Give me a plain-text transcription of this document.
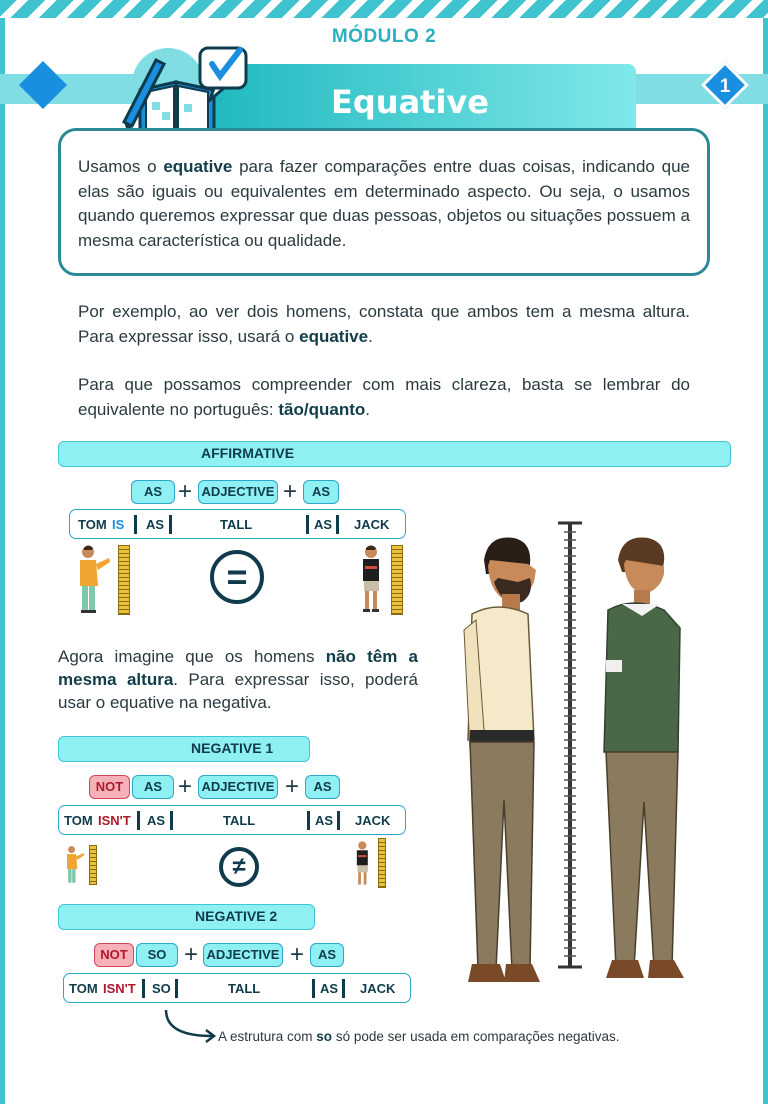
MÓDULO 2
1
Equative

Usamos o equative para fazer comparações entre duas coisas, indicando que elas são iguais ou equivalentes em determinado aspecto. Ou seja, o usamos quando queremos expressar que duas pessoas, objetos ou situações possuem a mesma característica ou qualidade.

Por exemplo, ao ver dois homens, constata que ambos tem a mesma altura. Para expressar isso, usará o equative.

Para que possamos compreender com mais clareza, basta se lembrar do equivalente no português: tão/quanto.

AFFIRMATIVE
AS + ADJECTIVE +	AS
TOM IS AS	TALL	AS JACK
=

Agora imagine que os homens não têm a mesma altura. Para expressar isso, poderá usar o equative na negativa.

NEGATIVE 1
NOT	AS + ADJECTIVE +	AS
TOM ISN'T AS	TALL	AS JACK
≠
NEGATIVE 2
NOT	SO + ADJECTIVE +	AS
TOM ISN'T SO	TALL	AS JACK

A estrutura com so só pode ser usada em comparações negativas.
